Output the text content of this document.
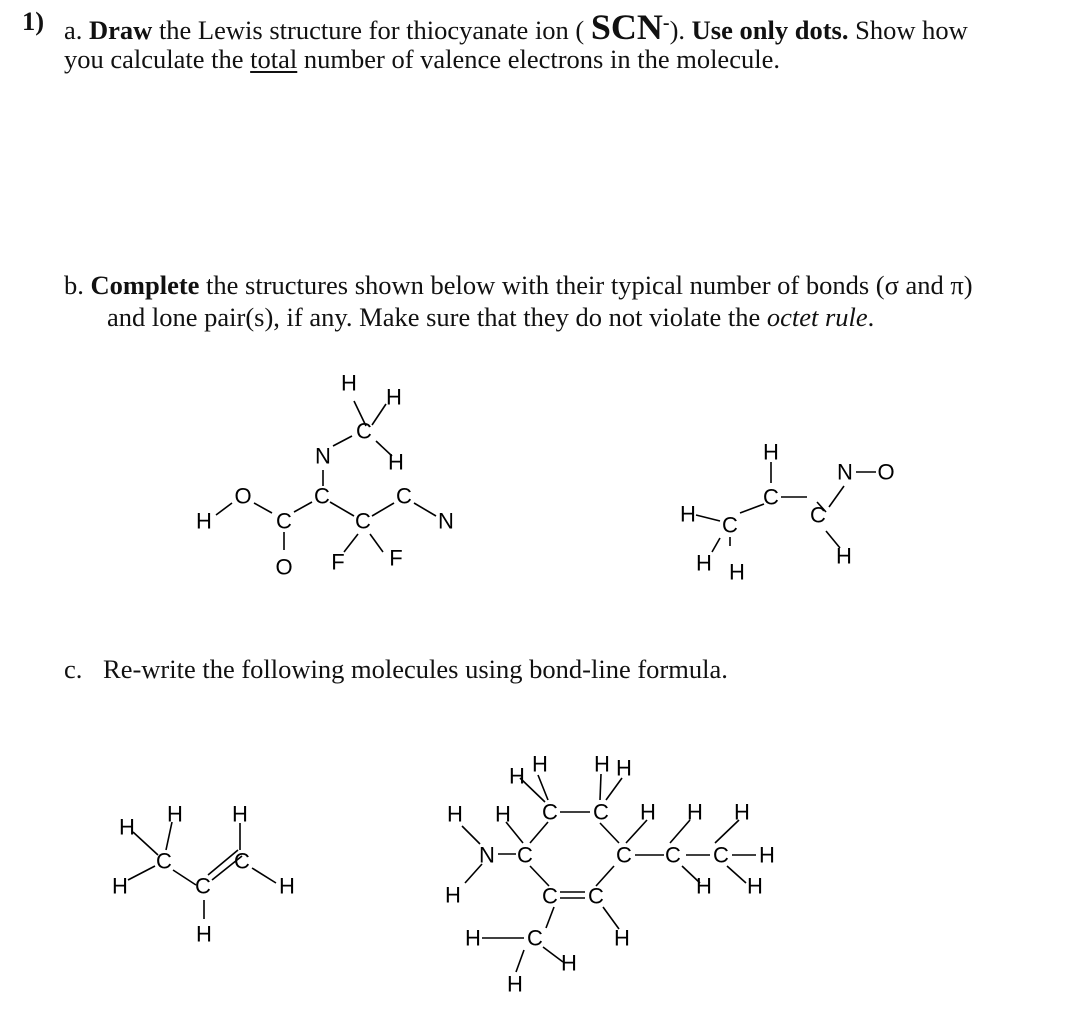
1) a. Draw the Lewis structure for thiocyanate ion ( SCN-). Use only dots. Show how
you calculate the total number of valence electrons in the molecule.
b. Complete the structures shown below with their typical number of bonds (σ and π)
and lone pair(s), if any. Make sure that they do not violate the octet rule.
c. Re-write the following molecules using bond-line formula.
H
O
C
O
C
N
C
H
H
H
C
C
N
F F
H C
H H
C
H
C
N O
H
H
H
H
C
C
H
C
H
H
H H
N
H
C
H H
C C
H H
H H H
C C C H
H H
C C
H
H C
H
H
